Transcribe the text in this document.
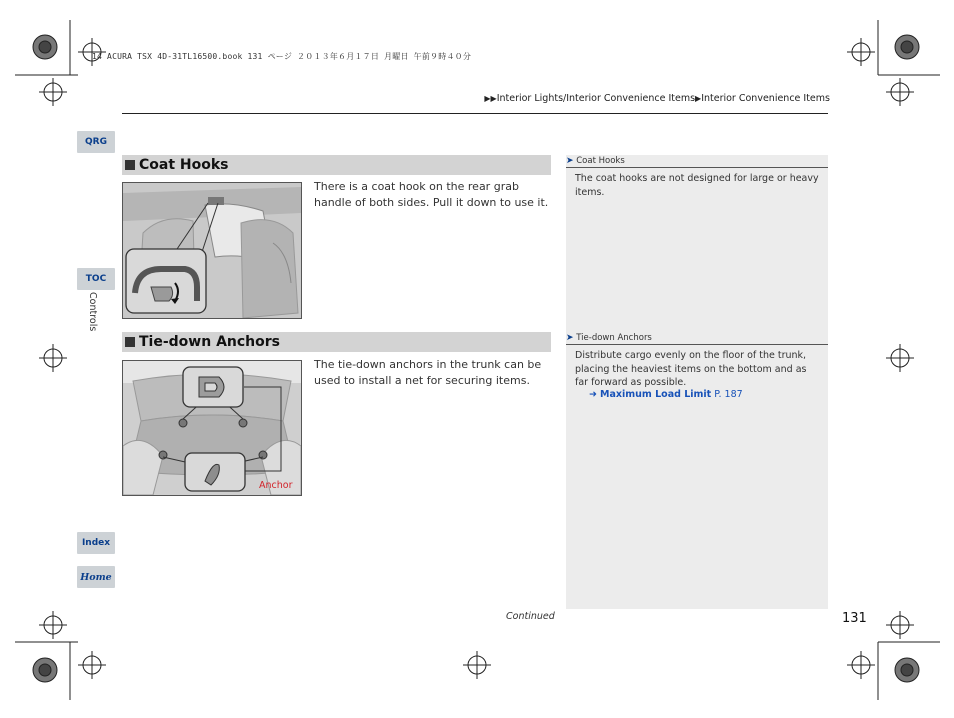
14 ACURA TSX 4D-31TL16500.book 131 ページ ２０１３年６月１７日 月曜日 午前９時４０分
▶▶Interior Lights/Interior Convenience Items▶Interior Convenience Items
QRG
TOC
Controls
Index
Home
Coat Hooks
There is a coat hook on the rear grab handle of both sides. Pull it down to use it.
➤ Coat Hooks
The coat hooks are not designed for large or heavy items.
Tie-down Anchors
Anchor
The tie-down anchors in the trunk can be used to install a net for securing items.
➤ Tie-down Anchors
Distribute cargo evenly on the floor of the trunk, placing the heaviest items on the bottom and as far forward as possible.
➜ Maximum Load Limit P. 187
Continued	131
